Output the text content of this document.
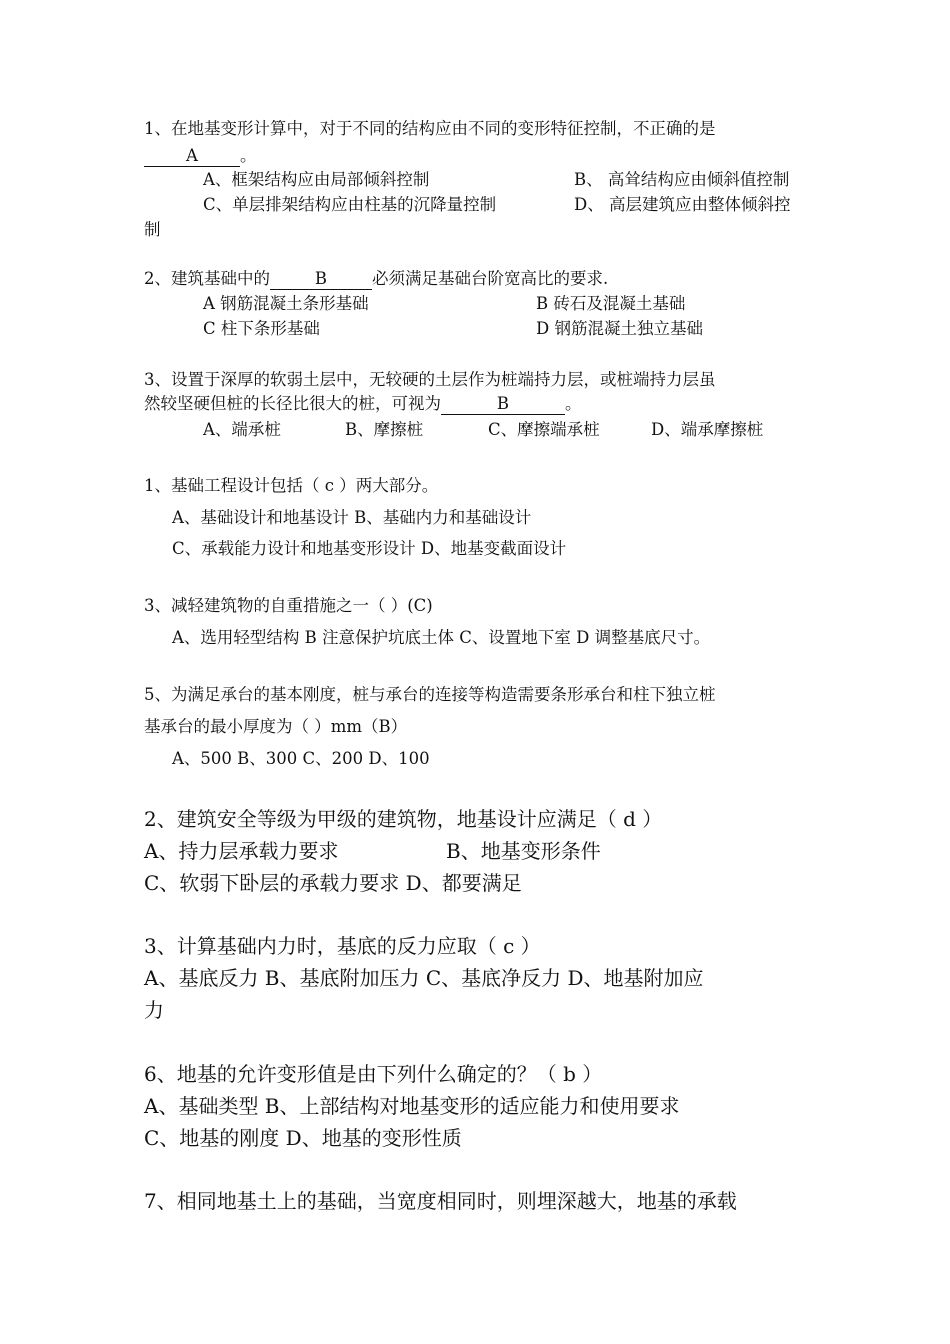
1、在地基变形计算中，对于不同的结构应由不同的变形特征控制，不正确的是
A	。
A、框架结构应由局部倾斜控制	B、 高耸结构应由倾斜值控制
C、单层排架结构应由柱基的沉降量控制	D、 高层建筑应由整体倾斜控
制
2、建筑基础中的	B	必须满足基础台阶宽高比的要求.
A 钢筋混凝土条形基础	B 砖石及混凝土基础
C 柱下条形基础	D 钢筋混凝土独立基础
3、设置于深厚的软弱土层中，无较硬的土层作为桩端持力层，或桩端持力层虽
然较坚硬但桩的长径比很大的桩，可视为	B	。
A、端承桩	B、摩擦桩	C、摩擦端承桩	D、端承摩擦桩
1、基础工程设计包括（ c ）两大部分。
A、基础设计和地基设计 B、基础内力和基础设计
C、承载能力设计和地基变形设计 D、地基变截面设计
3、减轻建筑物的自重措施之一（ ）(C)
A、选用轻型结构 B 注意保护坑底土体 C、设置地下室 D 调整基底尺寸。
5、为满足承台的基本刚度，桩与承台的连接等构造需要条形承台和柱下独立桩
基承台的最小厚度为（ ）mm（B）
A、500 B、300 C、200 D、100
2、建筑安全等级为甲级的建筑物，地基设计应满足（ d ）
A、持力层承载力要求	B、地基变形条件
C、软弱下卧层的承载力要求 D、都要满足
3、计算基础内力时，基底的反力应取（ c ）
A、基底反力 B、基底附加压力 C、基底净反力 D、地基附加应
力
6、地基的允许变形值是由下列什么确定的？（ b ）
A、基础类型 B、上部结构对地基变形的适应能力和使用要求
C、地基的刚度 D、地基的变形性质
7、相同地基土上的基础，当宽度相同时，则埋深越大，地基的承载
